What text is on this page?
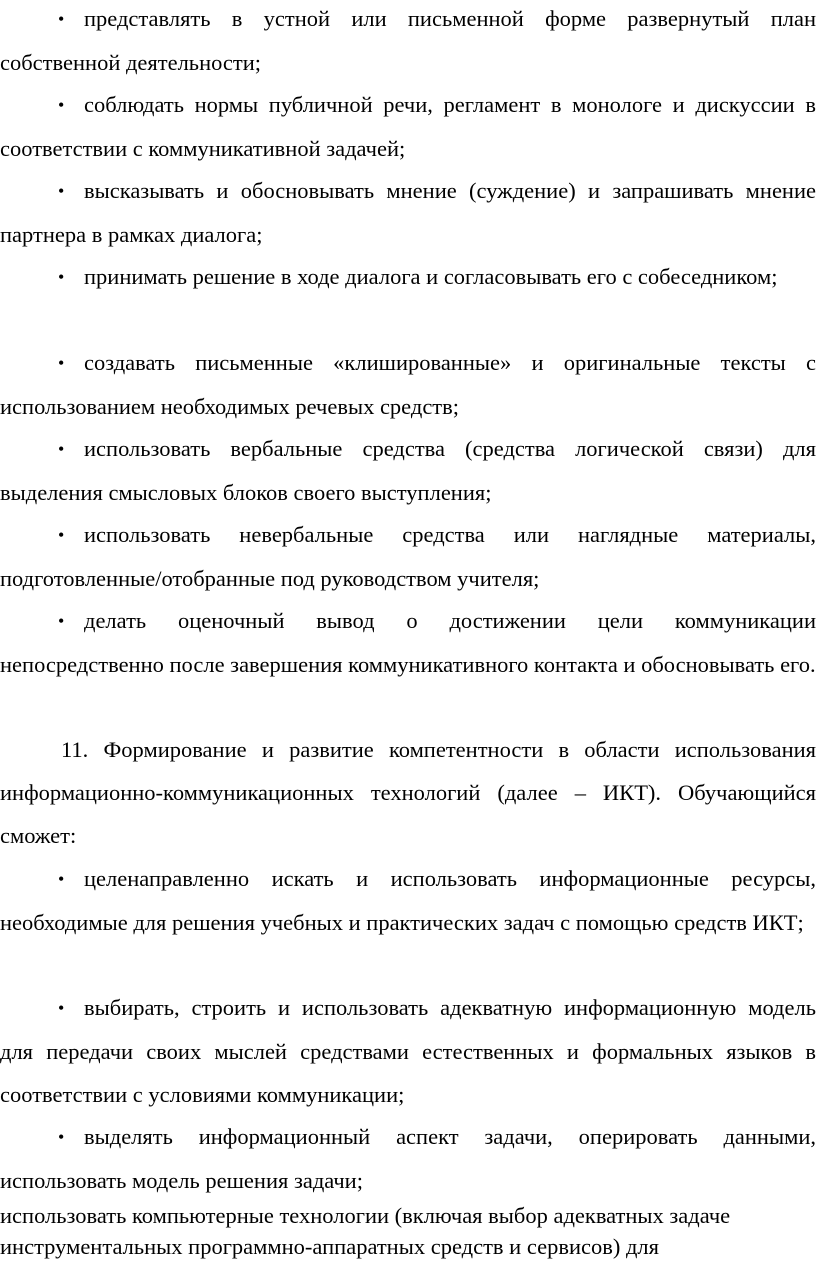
• представлять в устной или письменной форме развернутый план собственной деятельности;

• соблюдать нормы публичной речи, регламент в монологе и дискуссии в соответствии с коммуникативной задачей;

• высказывать и обосновывать мнение (суждение) и запрашивать мнение партнера в рамках диалога;

• принимать решение в ходе диалога и согласовывать его с собеседником;

• создавать письменные «клишированные» и оригинальные тексты с использованием необходимых речевых средств;

• использовать вербальные средства (средства логической связи) для выделения смысловых блоков своего выступления;

• использовать невербальные средства или наглядные материалы, подготовленные/отобранные под руководством учителя;

• делать оценочный вывод о достижении цели коммуникации непосредственно после завершения коммуникативного контакта и обосновывать его.

11. Формирование и развитие компетентности в области использования информационно-коммуникационных технологий (далее – ИКТ). Обучающийся сможет:

• целенаправленно искать и использовать информационные ресурсы, необходимые для решения учебных и практических задач с помощью средств ИКТ;

• выбирать, строить и использовать адекватную информационную модель для передачи своих мыслей средствами естественных и формальных языков в соответствии с условиями коммуникации;

• выделять информационный аспект задачи, оперировать данными, использовать модель решения задачи;

использовать компьютерные технологии (включая выбор адекватных задаче инструментальных программно-аппаратных средств и сервисов) для
